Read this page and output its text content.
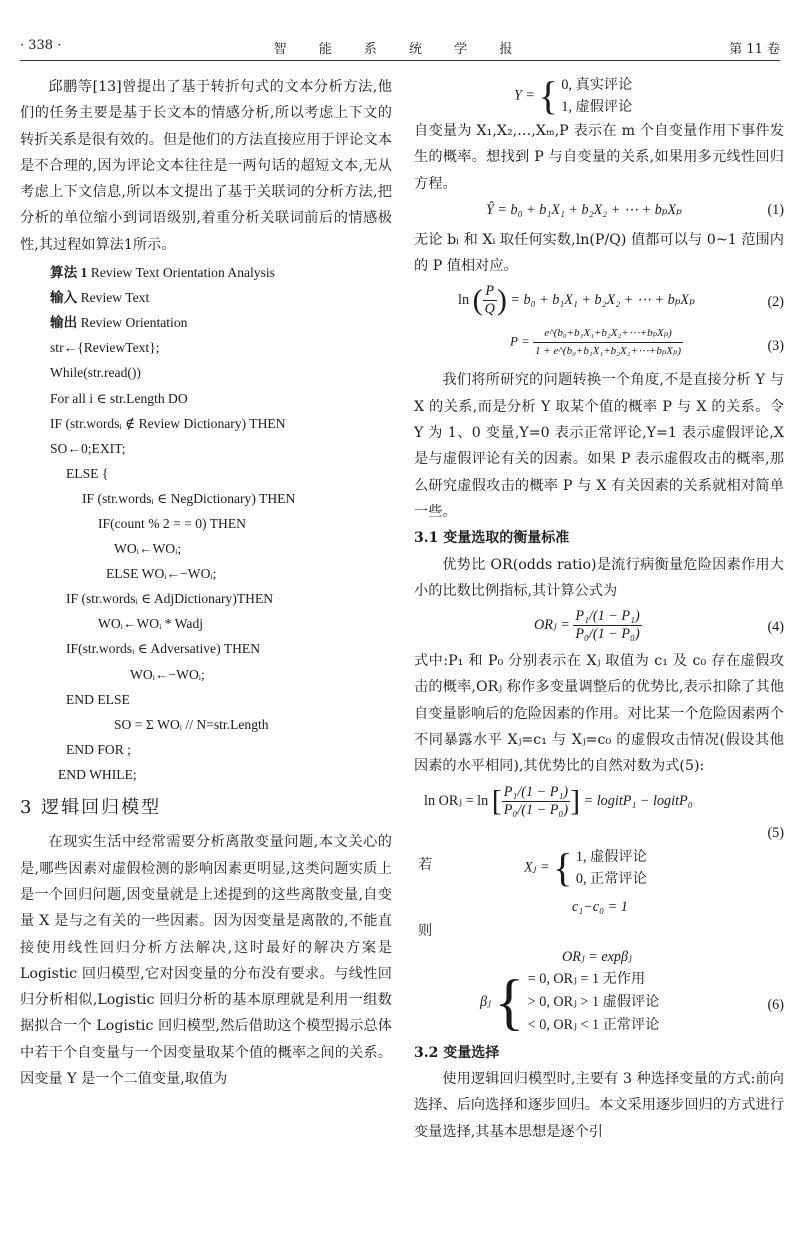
· 338 ·	智 能 系 统 学 报	第 11 卷

邱鹏等[13]曾提出了基于转折句式的文本分析方法,他们的任务主要是基于长文本的情感分析,所以考虑上下文的转折关系是很有效的。但是他们的方法直接应用于评论文本是不合理的,因为评论文本往往是一两句话的超短文本,无从考虑上下文信息,所以本文提出了基于关联词的分析方法,把分析的单位缩小到词语级别,着重分析关联词前后的情感极性,其过程如算法1所示。

算法 1 Review Text Orientation Analysis
输入 Review Text
输出 Review Orientation
str←{ReviewText};
While(str.read())
For all i ∈ str.Length DO
IF (str.wordsᵢ ∉ Review Dictionary) THEN
SO←0;EXIT;
ELSE {
IF (str.wordsᵢ ∈ NegDictionary) THEN
IF(count % 2 = = 0) THEN
WOᵢ←WOᵢ;
ELSE WOᵢ←−WOᵢ;
IF (str.wordsᵢ ∈ AdjDictionary)THEN
WOᵢ←WOᵢ * Wadj
IF(str.wordsᵢ ∈ Adversative) THEN
WOᵢ←−WOᵢ;
END ELSE
SO = Σ WOᵢ // N=str.Length
END FOR ;
END WHILE;
3 逻辑回归模型

在现实生活中经常需要分析离散变量问题,本文关心的是,哪些因素对虚假检测的影响因素更明显,这类问题实质上是一个回归问题,因变量就是上述提到的这些离散变量,自变量 X 是与之有关的一些因素。因为因变量是离散的,不能直接使用线性回归分析方法解决,这时最好的解决方案是 Logistic 回归模型,它对因变量的分布没有要求。与线性回归分析相似,Logistic 回归分析的基本原理就是利用一组数据拟合一个 Logistic 回归模型,然后借助这个模型揭示总体中若干个自变量与一个因变量取某个值的概率之间的关系。因变量 Y 是一个二值变量,取值为

Y = { 0, 真实评论
1, 虚假评论

自变量为 X₁,X₂,…,Xₘ,P 表示在 m 个自变量作用下事件发生的概率。想找到 P 与自变量的关系,如果用多元线性回归方程。

Ŷ = b₀ + b₁X₁ + b₂X₂ + ⋯ + bₚXₚ	(1)

无论 bᵢ 和 Xᵢ 取任何实数,ln(P/Q) 值都可以与 0~1 范围内的 P 值相对应。

ln ( $\frac{P}{Q}$ ) = b₀ + b₁X₁ + b₂X₂ + ⋯ + bₚXₚ	(2)
$P = \frac{\text{e\textasciicircum{}(b₀+b₁X₁+b₂X₂+⋯+bₚXₚ)}}{\text{1 + e\textasciicircum{}(b₀+b₁X₁+b₂X₂+⋯+bₚXₚ)}}$	(3)

我们将所研究的问题转换一个角度,不是直接分析 Y 与 X 的关系,而是分析 Y 取某个值的概率 P 与 X 的关系。令 Y 为 1、0 变量,Y=0 表示正常评论,Y=1 表示虚假评论,X 是与虚假评论有关的因素。如果 P 表示虚假攻击的概率,那么研究虚假攻击的概率 P 与 X 有关因素的关系就相对简单一些。

3.1 变量选取的衡量标准

优势比 OR(odds ratio)是流行病衡量危险因素作用大小的比数比例指标,其计算公式为

ORⱼ = $\frac{\text{P₁/(1 − P₁)}}{\text{P₀/(1 − P₀)}}$	(4)

式中:P₁ 和 P₀ 分别表示在 Xⱼ 取值为 c₁ 及 c₀ 存在虚假攻击的概率,ORⱼ 称作多变量调整后的优势比,表示扣除了其他自变量影响后的危险因素的作用。对比某一个危险因素两个不同暴露水平 Xⱼ=c₁ 与 Xⱼ=c₀ 的虚假攻击情况(假设其他因素的水平相同),其优势比的自然对数为式(5):

ln ORⱼ = ln [ $\frac{\text{P₁/(1 − P₁)}}{\text{P₀/(1 − P₀)}}$ ] = logitP₁ − logitP₀
(5)
若	Xⱼ = { 1, 虚假评论
0, 正常评论
c₁−c₀ = 1
则
ORⱼ = expβⱼ
βⱼ { = 0, ORⱼ = 1 无作用
> 0, ORⱼ > 1 虚假评论
< 0, ORⱼ < 1 正常评论
(6)
3.2 变量选择

使用逻辑回归模型时,主要有 3 种选择变量的方式:前向选择、后向选择和逐步回归。本文采用逐步回归的方式进行变量选择,其基本思想是逐个引
